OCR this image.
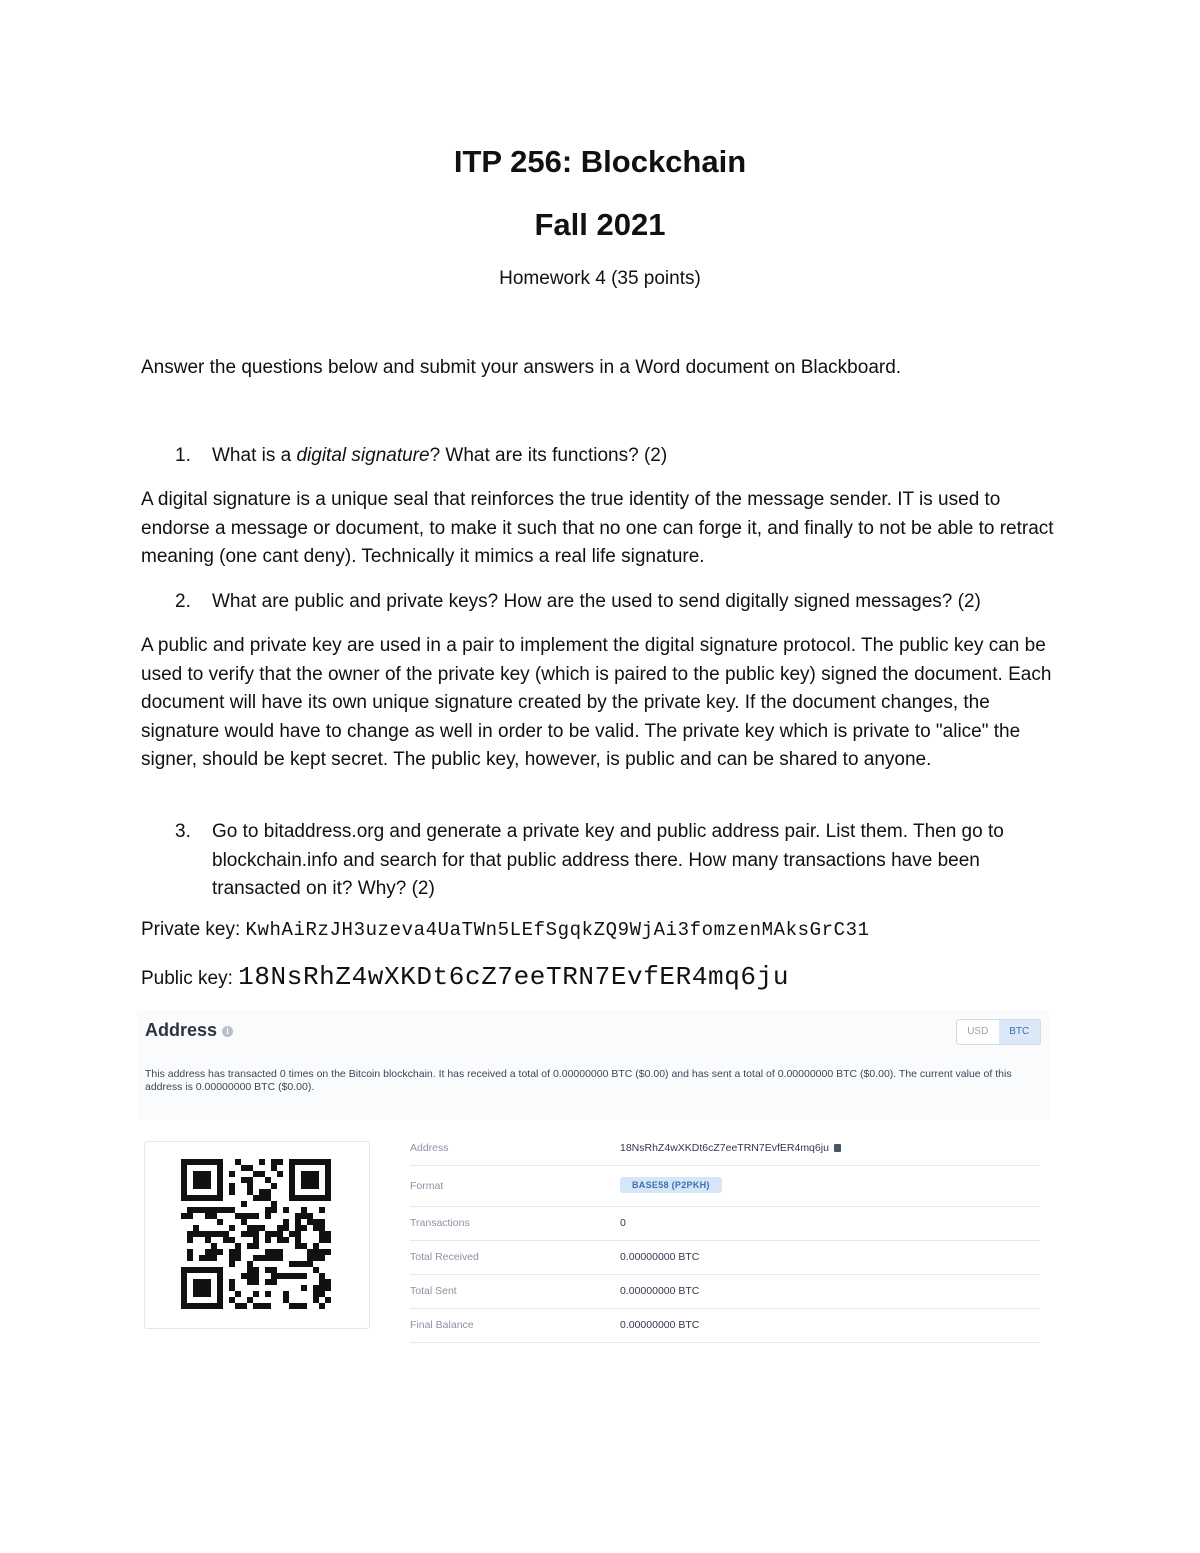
ITP 256: Blockchain
Fall 2021
Homework 4 (35 points)
Answer the questions below and submit your answers in a Word document on Blackboard.
1. What is a digital signature? What are its functions? (2)
A digital signature is a unique seal that reinforces the true identity of the message sender. IT is used to endorse a message or document, to make it such that no one can forge it, and finally to not be able to retract meaning (one cant deny). Technically it mimics a real life signature.
2. What are public and private keys? How are the used to send digitally signed messages? (2)
A public and private key are used in a pair to implement the digital signature protocol. The public key can be used to verify that the owner of the private key (which is paired to the public key) signed the document. Each document will have its own unique signature created by the private key. If the document changes, the signature would have to change as well in order to be valid. The private key which is private to "alice" the signer, should be kept secret. The public key, however, is public and can be shared to anyone.
3. Go to bitaddress.org and generate a private key and public address pair. List them. Then go to blockchain.info and search for that public address there. How many transactions have been transacted on it? Why? (2)
Private key: KwhAiRzJH3uzeva4UaTWn5LEfSgqkZQ9WjAi3fomzenMAksGrC31
Public key: 18NsRhZ4wXKDt6cZ7eeTRN7EvfER4mq6ju
Address i	USD	BTC
This address has transacted 0 times on the Bitcoin blockchain. It has received a total of 0.00000000 BTC ($0.00) and has sent a total of 0.00000000 BTC ($0.00). The current value of this address is 0.00000000 BTC ($0.00).
Address	18NsRhZ4wXKDt6cZ7eeTRN7EvfER4mq6ju
Format	BASE58 (P2PKH)
Transactions	0
Total Received	0.00000000 BTC
Total Sent	0.00000000 BTC
Final Balance	0.00000000 BTC
